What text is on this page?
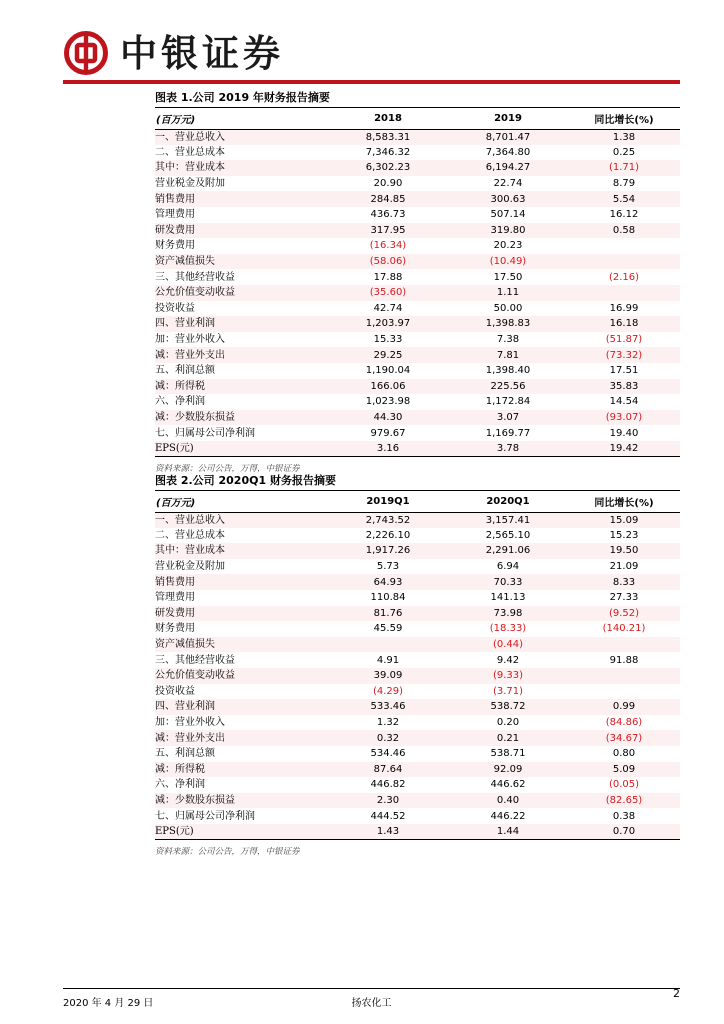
中银证券
图表 1.公司 2019 年财务报告摘要
(百万元)	2018	2019	同比增长(%)
一、营业总收入	8,583.31	8,701.47	1.38
二、营业总成本	7,346.32	7,364.80	0.25
其中：营业成本	6,302.23	6,194.27	(1.71)
营业税金及附加	20.90	22.74	8.79
销售费用	284.85	300.63	5.54
管理费用	436.73	507.14	16.12
研发费用	317.95	319.80	0.58
财务费用	(16.34)	20.23	
资产减值损失	(58.06)	(10.49)	
三、其他经营收益	17.88	17.50	(2.16)
公允价值变动收益	(35.60)	1.11	
投资收益	42.74	50.00	16.99
四、营业利润	1,203.97	1,398.83	16.18
加：营业外收入	15.33	7.38	(51.87)
减：营业外支出	29.25	7.81	(73.32)
五、利润总额	1,190.04	1,398.40	17.51
减：所得税	166.06	225.56	35.83
六、净利润	1,023.98	1,172.84	14.54
减：少数股东损益	44.30	3.07	(93.07)
七、归属母公司净利润	979.67	1,169.77	19.40
EPS(元)	3.16	3.78	19.42
资料来源：公司公告，万得，中银证券
图表 2.公司 2020Q1 财务报告摘要
(百万元)	2019Q1	2020Q1	同比增长(%)
一、营业总收入	2,743.52	3,157.41	15.09
二、营业总成本	2,226.10	2,565.10	15.23
其中：营业成本	1,917.26	2,291.06	19.50
营业税金及附加	5.73	6.94	21.09
销售费用	64.93	70.33	8.33
管理费用	110.84	141.13	27.33
研发费用	81.76	73.98	(9.52)
财务费用	45.59	(18.33)	(140.21)
资产减值损失		(0.44)	
三、其他经营收益	4.91	9.42	91.88
公允价值变动收益	39.09	(9.33)	
投资收益	(4.29)	(3.71)	
四、营业利润	533.46	538.72	0.99
加：营业外收入	1.32	0.20	(84.86)
减：营业外支出	0.32	0.21	(34.67)
五、利润总额	534.46	538.71	0.80
减：所得税	87.64	92.09	5.09
六、净利润	446.82	446.62	(0.05)
减：少数股东损益	2.30	0.40	(82.65)
七、归属母公司净利润	444.52	446.22	0.38
EPS(元)	1.43	1.44	0.70
资料来源：公司公告，万得，中银证券
扬农化工
2020 年 4 月 29 日
2
